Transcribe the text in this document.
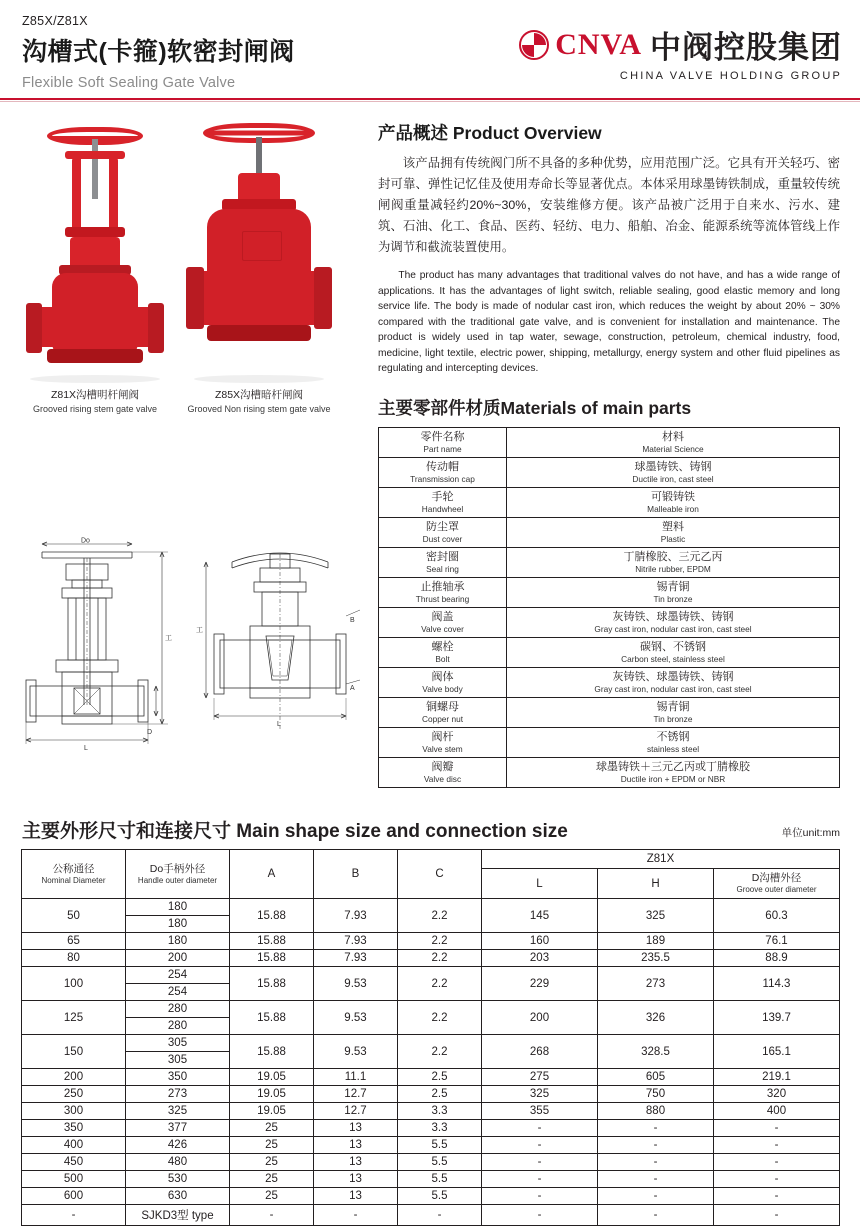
Z85X/Z81X
沟槽式(卡箍)软密封闸阀
Flexible Soft Sealing Gate Valve
CNVA 中阀控股集团
CHINA VALVE HOLDING GROUP
Z81X沟槽明杆闸阀
Grooved rising stem gate valve
Z85X沟槽暗杆闸阀
Grooved Non rising stem gate valve
Do
工
D
L
工
B
A
L
产品概述 Product Overview
该产品拥有传统阀门所不具备的多种优势，应用范围广泛。它具有开关轻巧、密封可靠、弹性记忆佳及使用寿命长等显著优点。本体采用球墨铸铁制成，重量较传统闸阀重量减轻约20%~30%，安装维修方便。该产品被广泛用于自来水、污水、建筑、石油、化工、食品、医药、轻纺、电力、船舶、冶金、能源系统等流体管线上作为调节和截流装置使用。
The product has many advantages that traditional valves do not have, and has a wide range of applications. It has the advantages of light switch, reliable sealing, good elastic memory and long service life. The body is made of nodular cast iron, which reduces the weight by about 20% ~ 30% compared with the traditional gate valve, and is convenient for installation and maintenance. The product is widely used in tap water, sewage, construction, petroleum, chemical industry, food, medicine, light textile, electric power, shipping, metallurgy, energy system and other fluid pipelines as regulating and intercepting devices.
主要零部件材质Materials of main parts
零件名称
Part name	材料
Material Science

传动帽
Transmission cap	球墨铸铁、铸钢
Ductile iron, cast steel

手轮
Handwheel	可锻铸铁
Malleable iron

防尘罩
Dust cover	塑料
Plastic

密封圈
Seal ring	丁腈橡胶、三元乙丙
Nitrile rubber, EPDM

止推轴承
Thrust bearing	锡青铜
Tin bronze

阀盖
Valve cover	灰铸铁、球墨铸铁、铸钢
Gray cast iron, nodular cast iron, cast steel

螺栓
Bolt	碳钢、不锈钢
Carbon steel, stainless steel

阀体
Valve body	灰铸铁、球墨铸铁、铸钢
Gray cast iron, nodular cast iron, cast steel

铜螺母
Copper nut	锡青铜
Tin bronze

阀杆
Valve stem	不锈钢
stainless steel

阀瓣
Valve disc	球墨铸铁＋三元乙丙或丁腈橡胶
Ductile iron + EPDM or NBR
主要外形尺寸和连接尺寸 Main shape size and connection size	单位unit:mm
公称通径
Nominal Diameter	Do手柄外径
Handle outer diameter	A	B	C	Z81X		
					L	H	D沟槽外径
Groove outer diameter

50	180	15.88	7.93	2.2	145	325	60.3
	180						
65	180	15.88	7.93	2.2	160	189	76.1
80	200	15.88	7.93	2.2	203	235.5	88.9
100	254	15.88	9.53	2.2	229	273	114.3
	254						
125	280	15.88	9.53	2.2	200	326	139.7
	280						
150	305	15.88	9.53	2.2	268	328.5	165.1
	305						
200	350	19.05	11.1	2.5	275	605	219.1
250	273	19.05	12.7	2.5	325	750	320
300	325	19.05	12.7	3.3	355	880	400
350	377	25	13	3.3	-	-	-
400	426	25	13	5.5	-	-	-
450	480	25	13	5.5	-	-	-
500	530	25	13	5.5	-	-	-
600	630	25	13	5.5	-	-	-
-	SJKD3型 type	-	-	-	-	-	-
